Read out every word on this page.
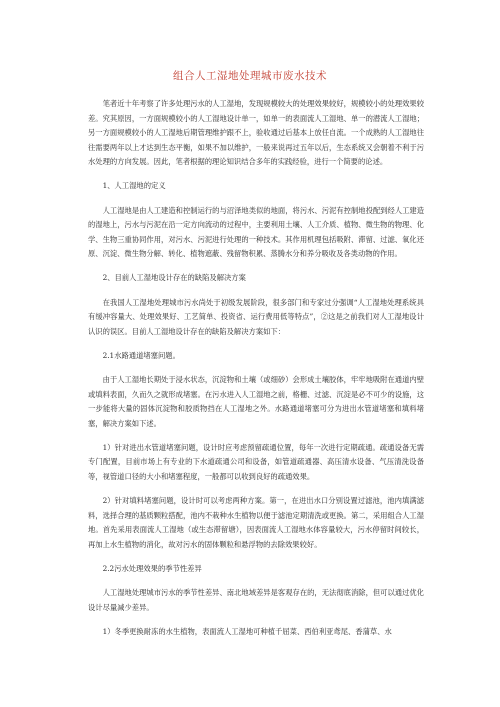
组合人工湿地处理城市废水技术

笔者近十年考察了许多处理污水的人工湿地，发现规模较大的处理效果较好，规模较小的处理效果较差。究其原因，一方面规模较小的人工湿地设计单一，如单一的表面流人工湿地、单一的潜流人工湿地；另一方面规模较小的人工湿地后期管理维护跟不上，验收通过后基本上放任自流。一个成熟的人工湿地往往需要两年以上才达到生态平衡，如果不加以维护，一般来说再过五年以后，生态系统又会朝着不利于污水处理的方向发展。因此，笔者根据的理论知识结合多年的实践经验，进行一个简要的论述。

1、人工湿地的定义

人工湿地是由人工建造和控制运行的与沼泽地类似的地面，将污水、污泥有控制地投配到经人工建造的湿地上，污水与污泥在沿一定方向流动的过程中，主要利用土壤、人工介质、植物、微生物的物理、化学、生物三重协同作用，对污水、污泥进行处理的一种技术。其作用机理包括吸附、滞留、过滤、氧化还原、沉淀、微生物分解、转化、植物遮蔽、残留物积累、蒸腾水分和养分吸收及各类动物的作用。

2、目前人工湿地设计存在的缺陷及解决方案

在我国人工湿地处理城市污水尚处于初级发展阶段，很多部门和专家过分强调“人工湿地处理系统具有缓冲容量大、处理效果好、工艺简单、投资省、运行费用低等特点”，②这是之前我们对人工湿地设计认识的误区。目前人工湿地设计存在的缺陷及解决方案如下：

2.1水路通道堵塞问题。

由于人工湿地长期处于浸水状态，沉淀物和土壤（或细砂）会形成土壤胶体，牢牢地吸附在通道内壁或填料表面，久而久之就形成堵塞。在污水进入人工湿地之前，格栅、过滤、沉淀是必不可少的设施，这一步能将大量的固体沉淀物和胶质物挡在人工湿地之外。水路通道堵塞可分为进出水管道堵塞和填料堵塞，解决方案如下述。

1）针对进出水管道堵塞问题，设计时应考虑预留疏通位置，每年一次进行定期疏通。疏通设备无需专门配置，目前市场上有专业的下水道疏通公司和设备，如管道疏通器、高压清水设备、气压清洗设备等，视管道口径的大小和堵塞程度，一般都可以收到良好的疏通效果。

2）针对填料堵塞问题，设计时可以考虑两种方案。第一，在进出水口分别设置过滤池，池内填满滤料，选择合理的基质颗粒搭配，池内不栽种水生植物以便于滤池定期清洗或更换。第二，采用组合人工湿地。首先采用表面流人工湿地（或生态滞留塘），因表面流人工湿地水体容量较大，污水停留时间较长，再加上水生植物的消化，故对污水的固体颗粒和悬浮物的去除效果较好。

2.2污水处理效果的季节性差异

人工湿地处理城市污水的季节性差异、南北地域差异是客观存在的，无法彻底消除，但可以通过优化设计尽量减少差异。

1）冬季更换耐冻的水生植物，表面流人工湿地可种植千屈菜、西伯利亚鸢尾、香蒲草、水
